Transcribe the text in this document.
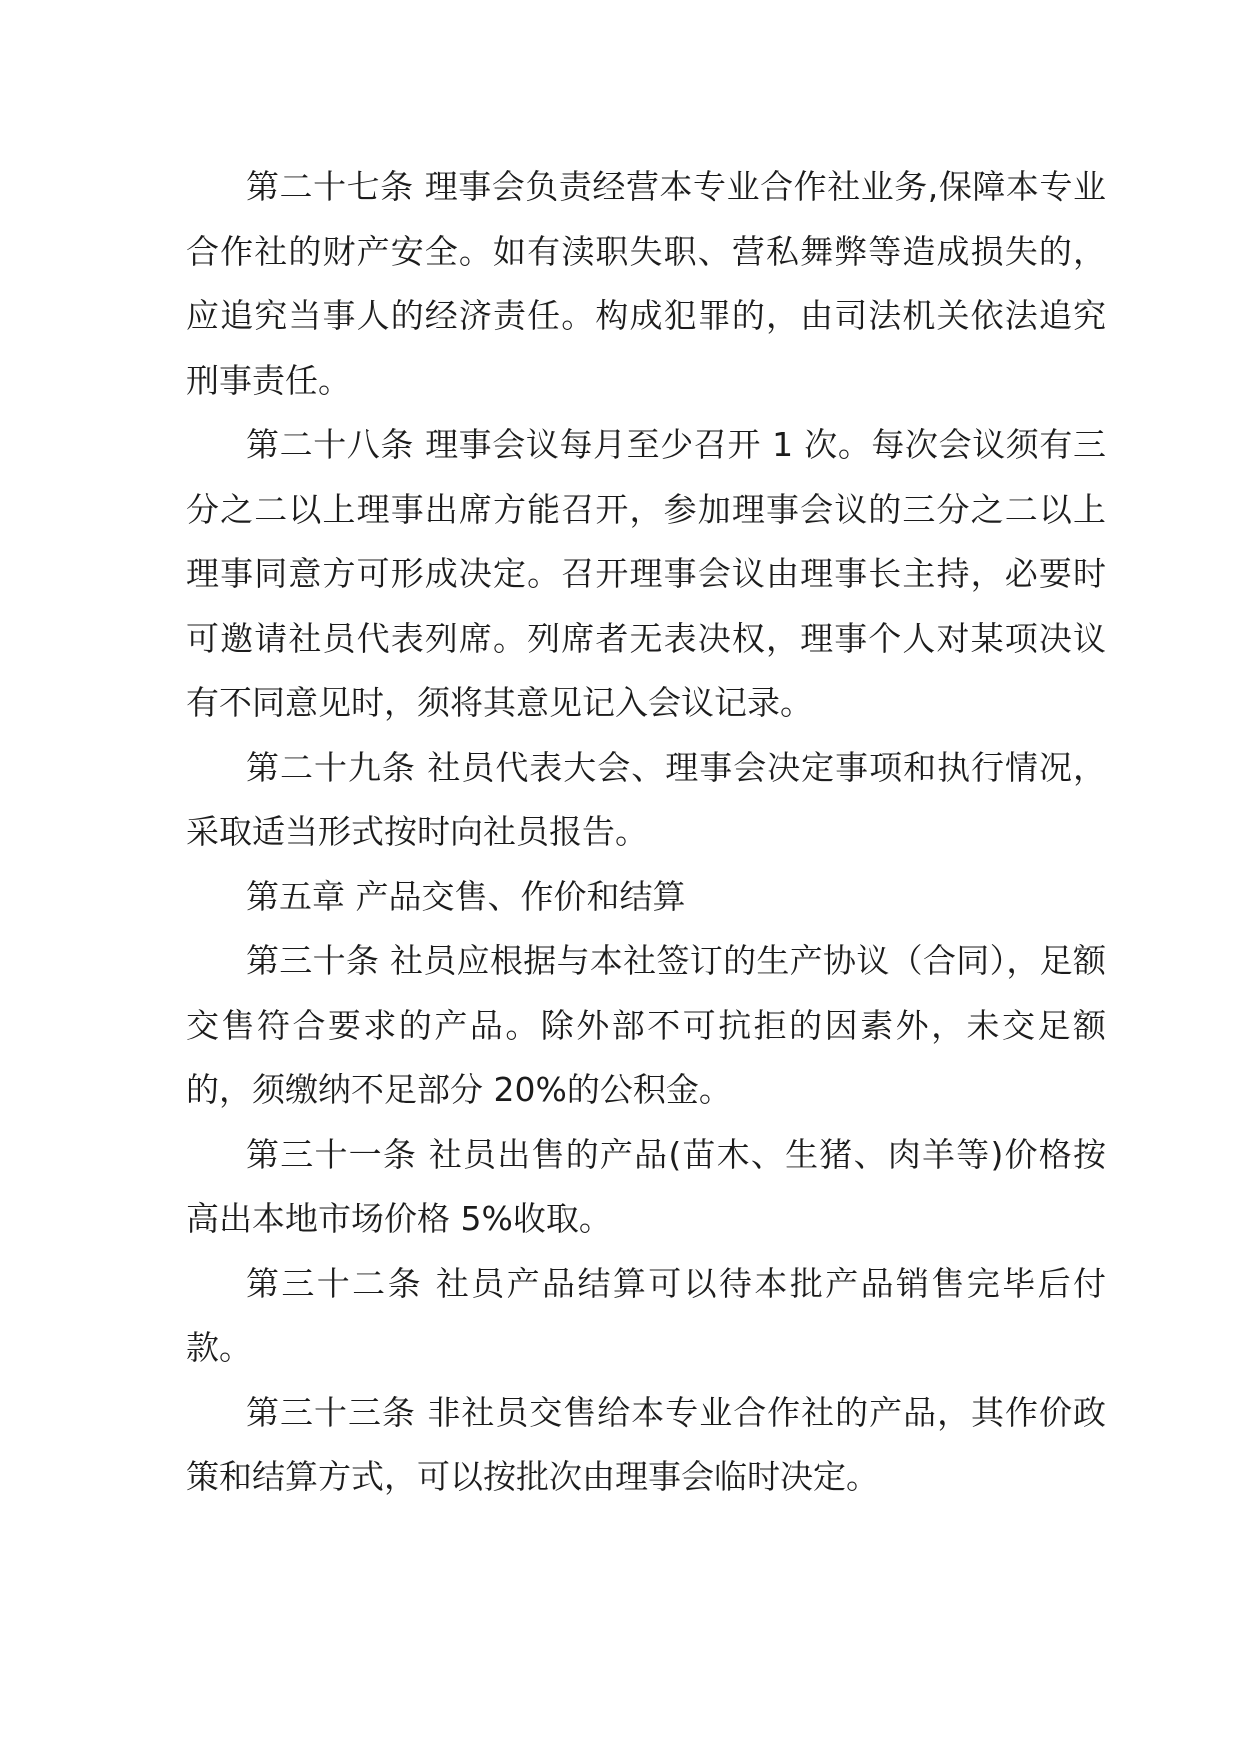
第二十七条 理事会负责经营本专业合作社业务,保障本专业合作社的财产安全。如有渎职失职、营私舞弊等造成损失的，应追究当事人的经济责任。构成犯罪的，由司法机关依法追究刑事责任。

第二十八条 理事会议每月至少召开 1 次。每次会议须有三分之二以上理事出席方能召开，参加理事会议的三分之二以上理事同意方可形成决定。召开理事会议由理事长主持，必要时可邀请社员代表列席。列席者无表决权，理事个人对某项决议有不同意见时，须将其意见记入会议记录。

第二十九条 社员代表大会、理事会决定事项和执行情况，采取适当形式按时向社员报告。

第五章 产品交售、作价和结算

第三十条 社员应根据与本社签订的生产协议（合同），足额交售符合要求的产品。除外部不可抗拒的因素外，未交足额的，须缴纳不足部分 20%的公积金。

第三十一条 社员出售的产品(苗木、生猪、肉羊等)价格按高出本地市场价格 5%收取。

第三十二条 社员产品结算可以待本批产品销售完毕后付款。

第三十三条 非社员交售给本专业合作社的产品，其作价政策和结算方式，可以按批次由理事会临时决定。
